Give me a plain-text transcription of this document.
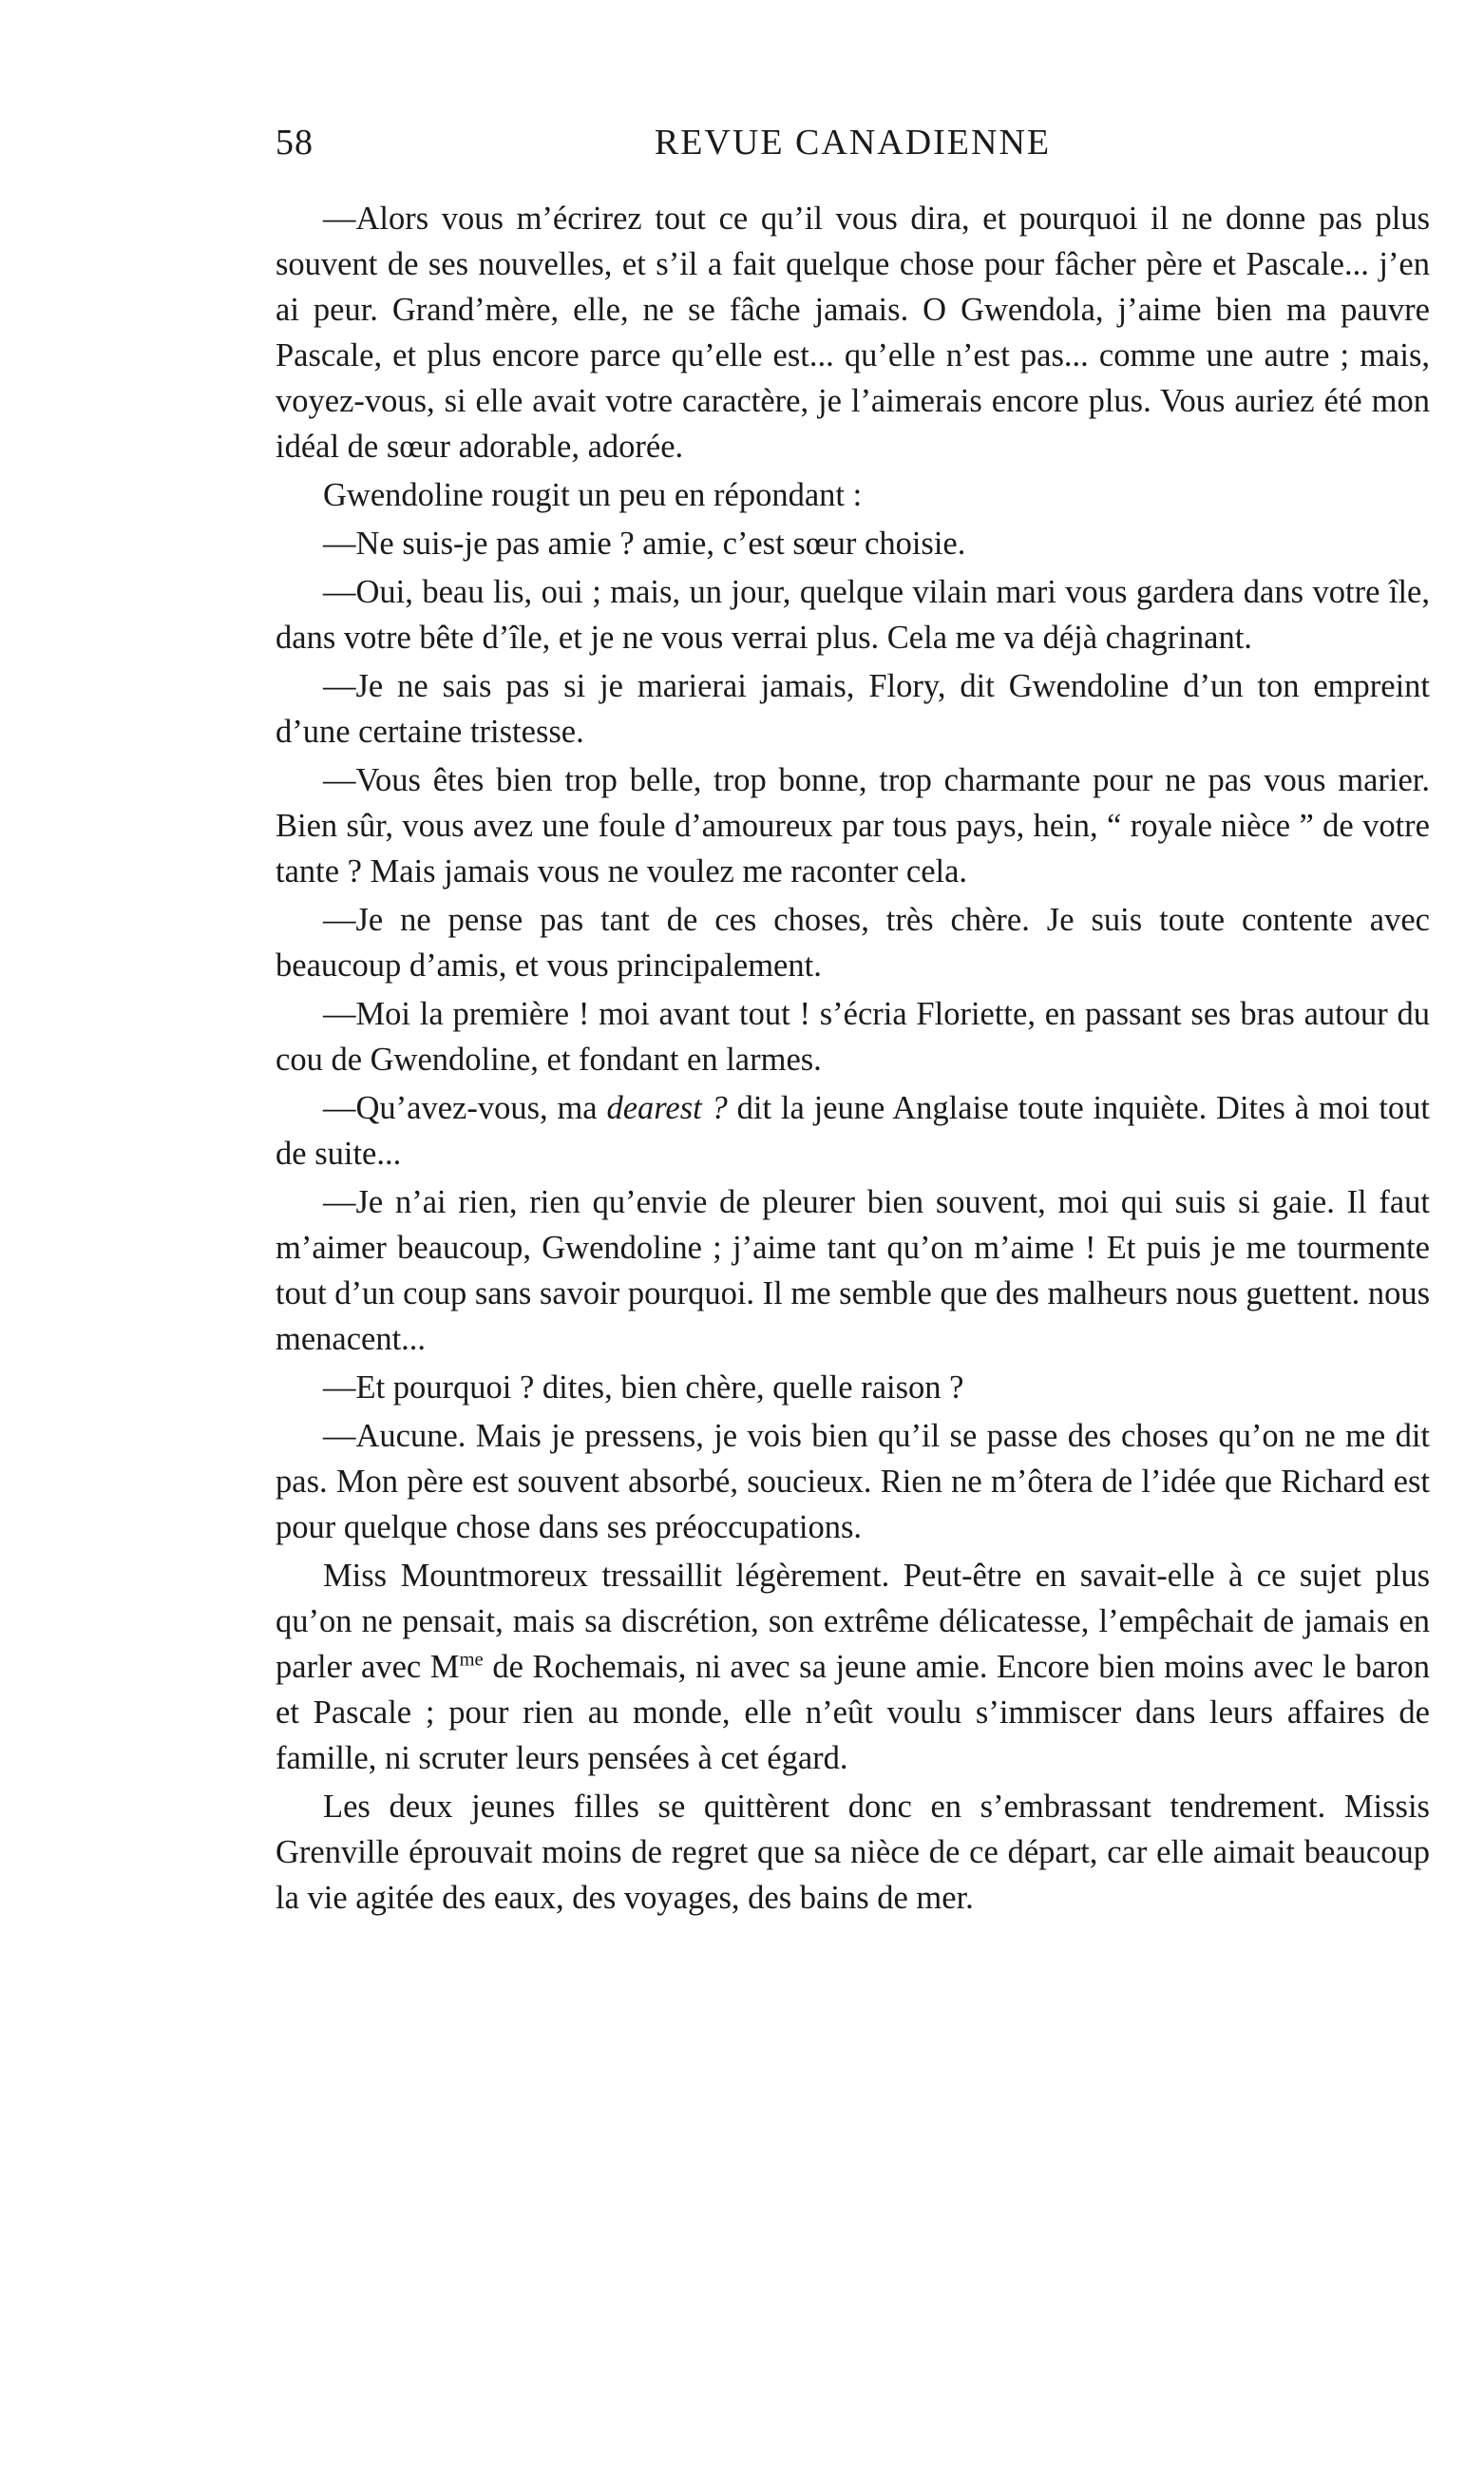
58	REVUE CANADIENNE

—Alors vous m’écrirez tout ce qu’il vous dira, et pourquoi il ne donne pas plus souvent de ses nouvelles, et s’il a fait quelque chose pour fâcher père et Pascale... j’en ai peur. Grand’mère, elle, ne se fâche jamais. O Gwendola, j’aime bien ma pauvre Pascale, et plus encore parce qu’elle est... qu’elle n’est pas... comme une autre ; mais, voyez-vous, si elle avait votre caractère, je l’aimerais encore plus. Vous auriez été mon idéal de sœur adorable, adorée.

Gwendoline rougit un peu en répondant :

—Ne suis-je pas amie ? amie, c’est sœur choisie.

—Oui, beau lis, oui ; mais, un jour, quelque vilain mari vous gardera dans votre île, dans votre bête d’île, et je ne vous verrai plus. Cela me va déjà chagrinant.

—Je ne sais pas si je marierai jamais, Flory, dit Gwendoline d’un ton empreint d’une certaine tristesse.

—Vous êtes bien trop belle, trop bonne, trop charmante pour ne pas vous marier. Bien sûr, vous avez une foule d’amoureux par tous pays, hein, “ royale nièce ” de votre tante ? Mais jamais vous ne voulez me raconter cela.

—Je ne pense pas tant de ces choses, très chère. Je suis toute contente avec beaucoup d’amis, et vous principalement.

—Moi la première ! moi avant tout ! s’écria Floriette, en passant ses bras autour du cou de Gwendoline, et fondant en larmes.

—Qu’avez-vous, ma dearest ? dit la jeune Anglaise toute inquiète. Dites à moi tout de suite...

—Je n’ai rien, rien qu’envie de pleurer bien souvent, moi qui suis si gaie. Il faut m’aimer beaucoup, Gwendoline ; j’aime tant qu’on m’aime ! Et puis je me tourmente tout d’un coup sans savoir pourquoi. Il me semble que des malheurs nous guettent. nous menacent...

—Et pourquoi ? dites, bien chère, quelle raison ?

—Aucune. Mais je pressens, je vois bien qu’il se passe des choses qu’on ne me dit pas. Mon père est souvent absorbé, soucieux. Rien ne m’ôtera de l’idée que Richard est pour quelque chose dans ses préoccupations.

Miss Mountmoreux tressaillit légèrement. Peut-être en savait-elle à ce sujet plus qu’on ne pensait, mais sa discrétion, son extrême délicatesse, l’empêchait de jamais en parler avec $M^{me}$ de Rochemais, ni avec sa jeune amie. Encore bien moins avec le baron et Pascale ; pour rien au monde, elle n’eût voulu s’immiscer dans leurs affaires de famille, ni scruter leurs pensées à cet égard.

Les deux jeunes filles se quittèrent donc en s’embrassant tendrement. Missis Grenville éprouvait moins de regret que sa nièce de ce départ, car elle aimait beaucoup la vie agitée des eaux, des voyages, des bains de mer.
